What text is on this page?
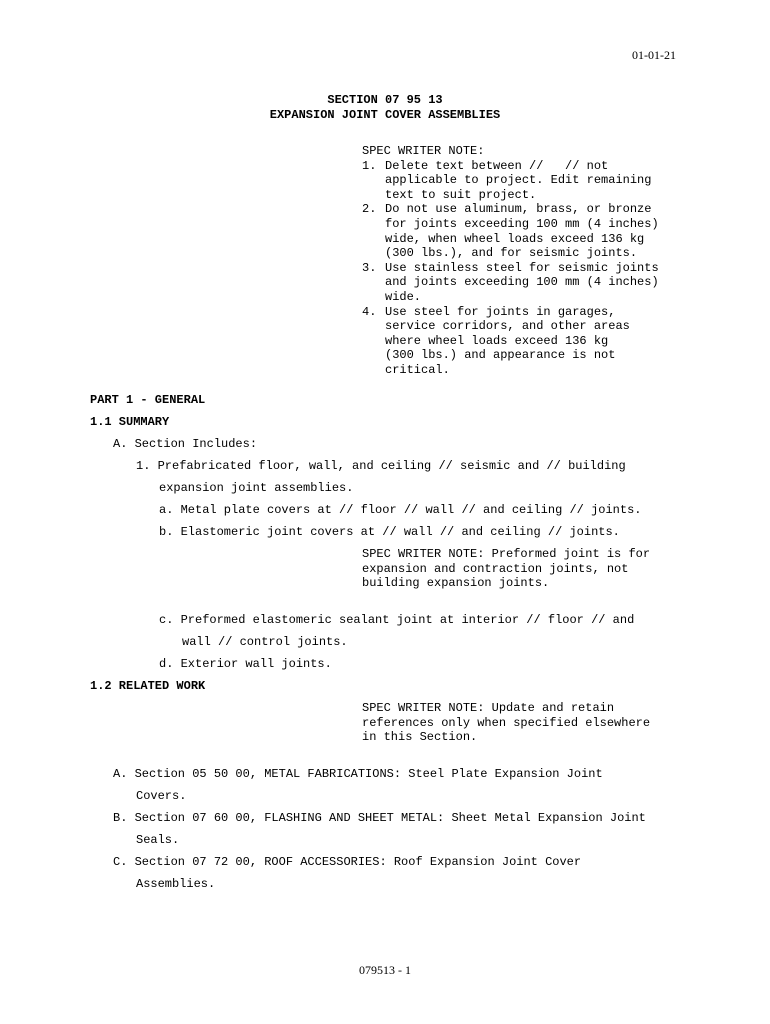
01-01-21
SECTION 07 95 13
EXPANSION JOINT COVER ASSEMBLIES
SPEC WRITER NOTE:
1. Delete text between //   // not
applicable to project. Edit remaining
text to suit project.
2. Do not use aluminum, brass, or bronze
for joints exceeding 100 mm (4 inches)
wide, when wheel loads exceed 136 kg
(300 lbs.), and for seismic joints.
3. Use stainless steel for seismic joints
and joints exceeding 100 mm (4 inches)
wide.
4. Use steel for joints in garages,
service corridors, and other areas
where wheel loads exceed 136 kg
(300 lbs.) and appearance is not
critical.
PART 1 - GENERAL
1.1 SUMMARY
A. Section Includes:
1. Prefabricated floor, wall, and ceiling // seismic and // building
expansion joint assemblies.
a. Metal plate covers at // floor // wall // and ceiling // joints.
b. Elastomeric joint covers at // wall // and ceiling // joints.
SPEC WRITER NOTE: Preformed joint is for
expansion and contraction joints, not
building expansion joints.
c. Preformed elastomeric sealant joint at interior // floor // and
wall // control joints.
d. Exterior wall joints.
1.2 RELATED WORK
SPEC WRITER NOTE: Update and retain
references only when specified elsewhere
in this Section.
A. Section 05 50 00, METAL FABRICATIONS: Steel Plate Expansion Joint
Covers.
B. Section 07 60 00, FLASHING AND SHEET METAL: Sheet Metal Expansion Joint
Seals.
C. Section 07 72 00, ROOF ACCESSORIES: Roof Expansion Joint Cover
Assemblies.
079513 - 1
